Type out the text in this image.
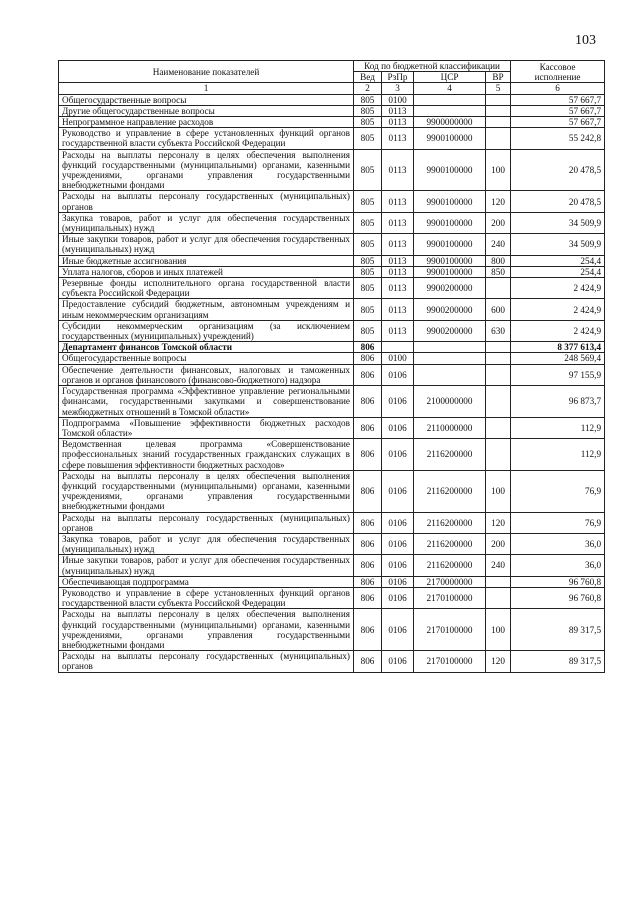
103
Наименование показателей	Код по бюджетной классификации				Кассовое
исполнение

	Вед	РзПр	ЦСР	ВР	
1	2	3	4	5	6
Общегосударственные вопросы	805	0100			57 667,7
Другие общегосударственные вопросы	805	0113			57 667,7
Непрограммное направление расходов	805	0113	9900000000		57 667,7
Руководство и управление в сфере установленных функций органов государственной власти субъекта Российской Федерации	805	0113	9900100000		55 242,8
Расходы на выплаты персоналу в целях обеспечения выполнения функций государственными (муниципальными) органами, казенными учреждениями, органами управления государственными внебюджетными фондами	805	0113	9900100000	100	20 478,5
Расходы на выплаты персоналу государственных (муниципальных) органов	805	0113	9900100000	120	20 478,5
Закупка товаров, работ и услуг для обеспечения государственных (муниципальных) нужд	805	0113	9900100000	200	34 509,9
Иные закупки товаров, работ и услуг для обеспечения государственных (муниципальных) нужд	805	0113	9900100000	240	34 509,9
Иные бюджетные ассигнования	805	0113	9900100000	800	254,4
Уплата налогов, сборов и иных платежей	805	0113	9900100000	850	254,4
Резервные фонды исполнительного органа государственной власти субъекта Российской Федерации	805	0113	9900200000		2 424,9
Предоставление субсидий бюджетным, автономным учреждениям и иным некоммерческим организациям	805	0113	9900200000	600	2 424,9
Субсидии некоммерческим организациям (за исключением государственных (муниципальных) учреждений)	805	0113	9900200000	630	2 424,9
Департамент финансов Томской области	806				8 377 613,4
Общегосударственные вопросы	806	0100			248 569,4
Обеспечение деятельности финансовых, налоговых и таможенных органов и органов финансового (финансово-бюджетного) надзора	806	0106			97 155,9
Государственная программа «Эффективное управление региональными финансами, государственными закупками и совершенствование межбюджетных отношений в Томской области»	806	0106	2100000000		96 873,7
Подпрограмма «Повышение эффективности бюджетных расходов Томской области»	806	0106	2110000000		112,9
Ведомственная целевая программа «Совершенствование профессиональных знаний государственных гражданских служащих в сфере повышения эффективности бюджетных расходов»	806	0106	2116200000		112,9
Расходы на выплаты персоналу в целях обеспечения выполнения функций государственными (муниципальными) органами, казенными учреждениями, органами управления государственными внебюджетными фондами	806	0106	2116200000	100	76,9
Расходы на выплаты персоналу государственных (муниципальных) органов	806	0106	2116200000	120	76,9
Закупка товаров, работ и услуг для обеспечения государственных (муниципальных) нужд	806	0106	2116200000	200	36,0
Иные закупки товаров, работ и услуг для обеспечения государственных (муниципальных) нужд	806	0106	2116200000	240	36,0
Обеспечивающая подпрограмма	806	0106	2170000000		96 760,8
Руководство и управление в сфере установленных функций органов государственной власти субъекта Российской Федерации	806	0106	2170100000		96 760,8
Расходы на выплаты персоналу в целях обеспечения выполнения функций государственными (муниципальными) органами, казенными учреждениями, органами управления государственными внебюджетными фондами	806	0106	2170100000	100	89 317,5
Расходы на выплаты персоналу государственных (муниципальных) органов	806	0106	2170100000	120	89 317,5
